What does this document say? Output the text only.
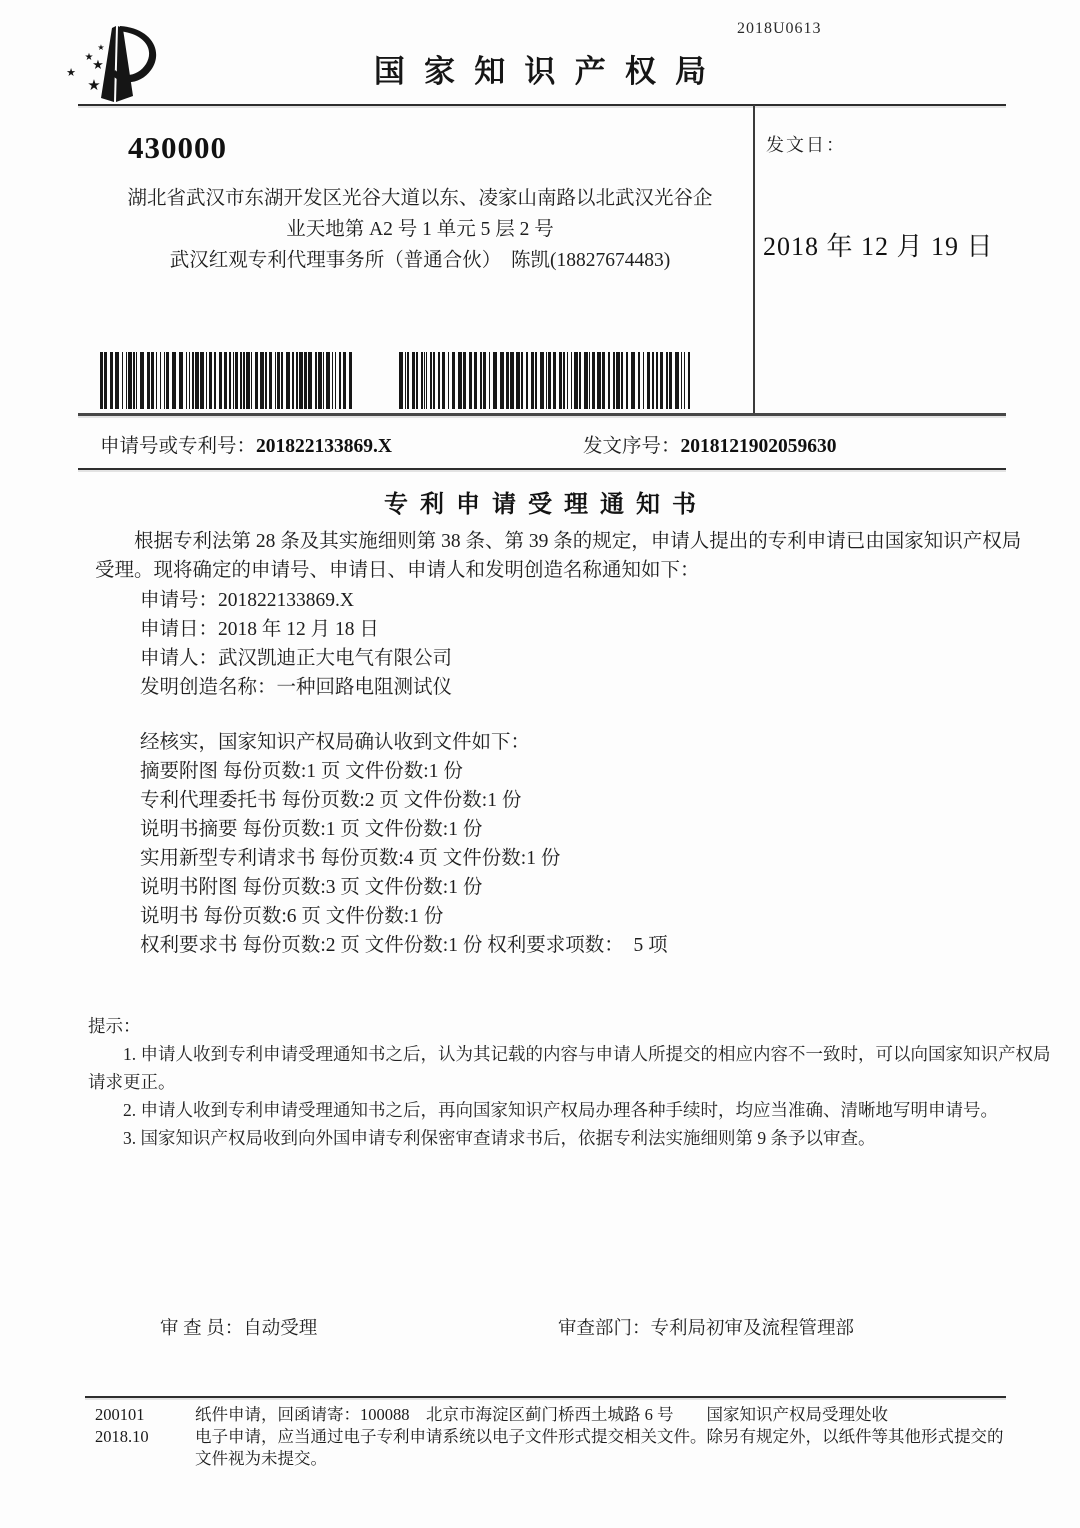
★
★
★
★
★
2018U0613
国家知识产权局
430000
湖北省武汉市东湖开发区光谷大道以东、凌家山南路以北武汉光谷企
业天地第 A2 号 1 单元 5 层 2 号
武汉红观专利代理事务所（普通合伙）　陈凯(18827674483)
发文日：
2018 年 12 月 19 日
申请号或专利号：201822133869.X	发文序号：2018121902059630
专利申请受理通知书
根据专利法第 28 条及其实施细则第 38 条、第 39 条的规定，申请人提出的专利申请已由国家知识产权局
受理。现将确定的申请号、申请日、申请人和发明创造名称通知如下：
申请号：201822133869.X
申请日：2018 年 12 月 18 日
申请人：武汉凯迪正大电气有限公司
发明创造名称：一种回路电阻测试仪
经核实，国家知识产权局确认收到文件如下：
摘要附图 每份页数:1 页 文件份数:1 份
专利代理委托书 每份页数:2 页 文件份数:1 份
说明书摘要 每份页数:1 页 文件份数:1 份
实用新型专利请求书 每份页数:4 页 文件份数:1 份
说明书附图 每份页数:3 页 文件份数:1 份
说明书 每份页数:6 页 文件份数:1 份
权利要求书 每份页数:2 页 文件份数:1 份 权利要求项数：　5 项
提示：
1. 申请人收到专利申请受理通知书之后，认为其记载的内容与申请人所提交的相应内容不一致时，可以向国家知识产权局
请求更正。
2. 申请人收到专利申请受理通知书之后，再向国家知识产权局办理各种手续时，均应当准确、清晰地写明申请号。
3. 国家知识产权局收到向外国申请专利保密审查请求书后，依据专利法实施细则第 9 条予以审查。
审 查 员：自动受理	审查部门：专利局初审及流程管理部
200101
2018.10
纸件申请，回函请寄：100088　北京市海淀区蓟门桥西土城路 6 号　　国家知识产权局受理处收
电子申请，应当通过电子专利申请系统以电子文件形式提交相关文件。除另有规定外，以纸件等其他形式提交的
文件视为未提交。
